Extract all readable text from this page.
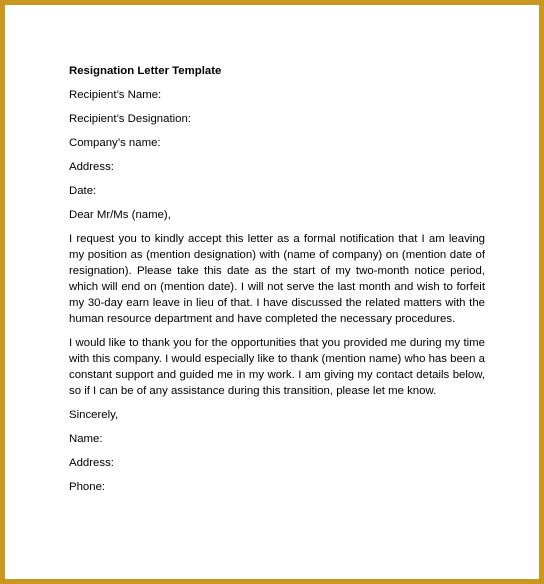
Resignation Letter Template
Recipient’s Name:
Recipient’s Designation:
Company’s name:
Address:
Date:
Dear Mr/Ms (name),
I request you to kindly accept this letter as a formal notification that I am leaving my position as (mention designation) with (name of company) on (mention date of resignation). Please take this date as the start of my two-month notice period, which will end on (mention date). I will not serve the last month and wish to forfeit my 30-day earn leave in lieu of that. I have discussed the related matters with the human resource department and have completed the necessary procedures.
I would like to thank you for the opportunities that you provided me during my time with this company. I would especially like to thank (mention name) who has been a constant support and guided me in my work. I am giving my contact details below, so if I can be of any assistance during this transition, please let me know.
Sincerely,
Name:
Address:
Phone:
